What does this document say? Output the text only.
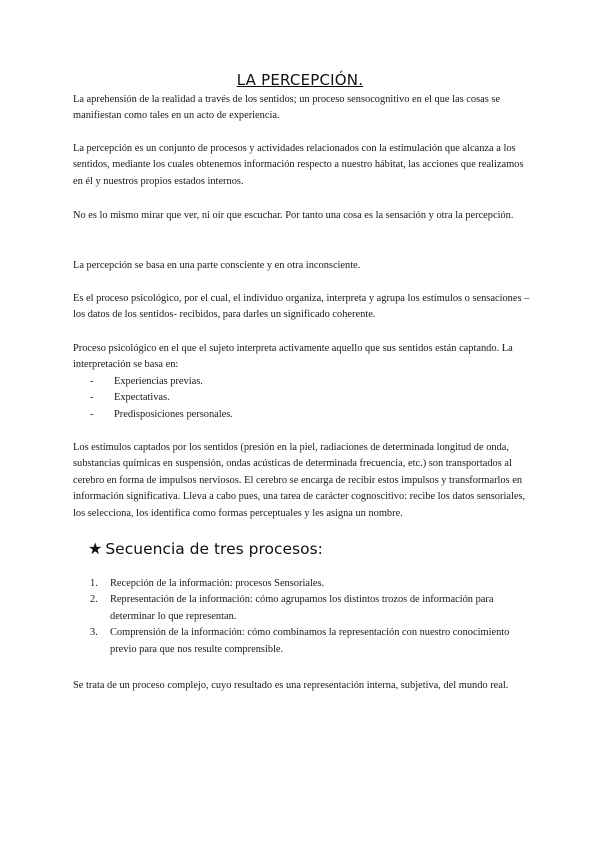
LA PERCEPCIÓN.

La aprehensión de la realidad a través de los sentidos; un proceso sensocognitivo en el que las cosas se manifiestan como tales en un acto de experiencia.

La percepción es un conjunto de procesos y actividades relacionados con la estimulación que alcanza a los sentidos, mediante los cuales obtenemos información respecto a nuestro hábitat, las acciones que realizamos en él y nuestros propios estados internos.

No es lo mismo mirar que ver, ni oír que escuchar. Por tanto una cosa es la sensación y otra la percepción.

La percepción se basa en una parte consciente y en otra inconsciente.

Es el proceso psicológico, por el cual, el individuo organiza, interpreta y agrupa los estímulos o sensaciones – los datos de los sentidos- recibidos, para darles un significado coherente.

Proceso psicológico en el que el sujeto interpreta activamente aquello que sus sentidos están captando. La interpretación se basa en:

- Experiencias previas.
- Expectativas.
- Predisposiciones personales.

Los estímulos captados por los sentidos (presión en la piel, radiaciones de determinada longitud de onda, substancias químicas en suspensión, ondas acústicas de determinada frecuencia, etc.) son transportados al cerebro en forma de impulsos nerviosos. El cerebro se encarga de recibir estos impulsos y transformarlos en información significativa. Lleva a cabo pues, una tarea de carácter cognoscitivo: recibe los datos sensoriales, los selecciona, los identifica como formas perceptuales y les asigna un nombre.

★ Secuencia de tres procesos:
1. Recepción de la información: procesos Sensoriales.
2. Representación de la información: cómo agrupamos los distintos trozos de información para determinar lo que representan.
3. Comprensión de la información: cómo combinamos la representación con nuestro conocimiento previo para que nos resulte comprensible.

Se trata de un proceso complejo, cuyo resultado es una representación interna, subjetiva, del mundo real.
